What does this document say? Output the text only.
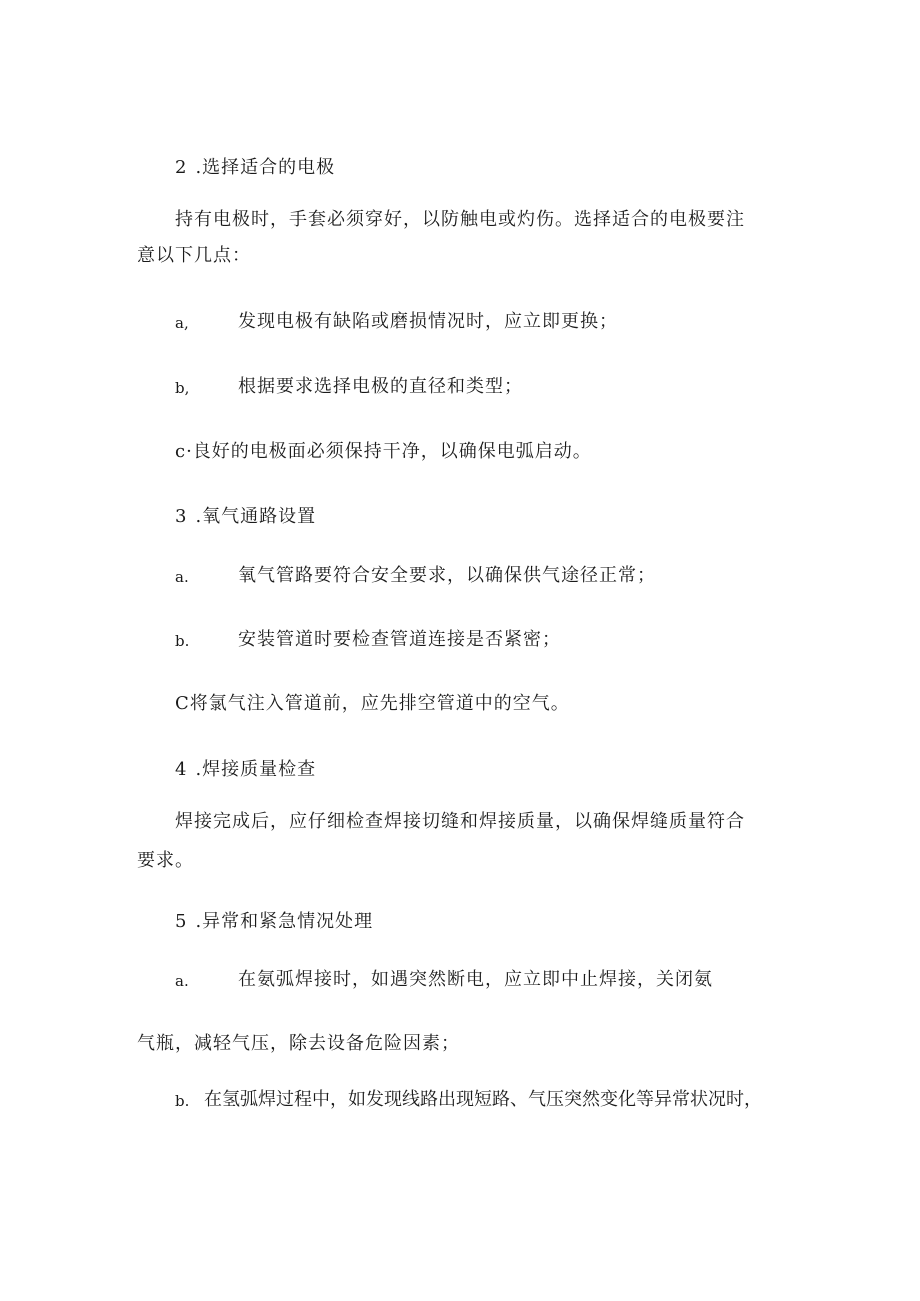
2 .选择适合的电极
持有电极时，手套必须穿好，以防触电或灼伤。选择适合的电极要注
意以下几点：
a,	发现电极有缺陷或磨损情况时，应立即更换；
b,	根据要求选择电极的直径和类型；
c·良好的电极面必须保持干净，以确保电弧启动。
3 .氧气通路设置
a.	氧气管路要符合安全要求，以确保供气途径正常；
b.	安装管道时要检查管道连接是否紧密；
C将氯气注入管道前，应先排空管道中的空气。
4 .焊接质量检查
焊接完成后，应仔细检查焊接切缝和焊接质量，以确保焊缝质量符合
要求。
5 .异常和紧急情况处理
a.	在氨弧焊接时，如遇突然断电，应立即中止焊接，关闭氨
气瓶，减轻气压，除去设备危险因素；
b. 在氢弧焊过程中，如发现线路出现短路、气压突然变化等异常状况时，
